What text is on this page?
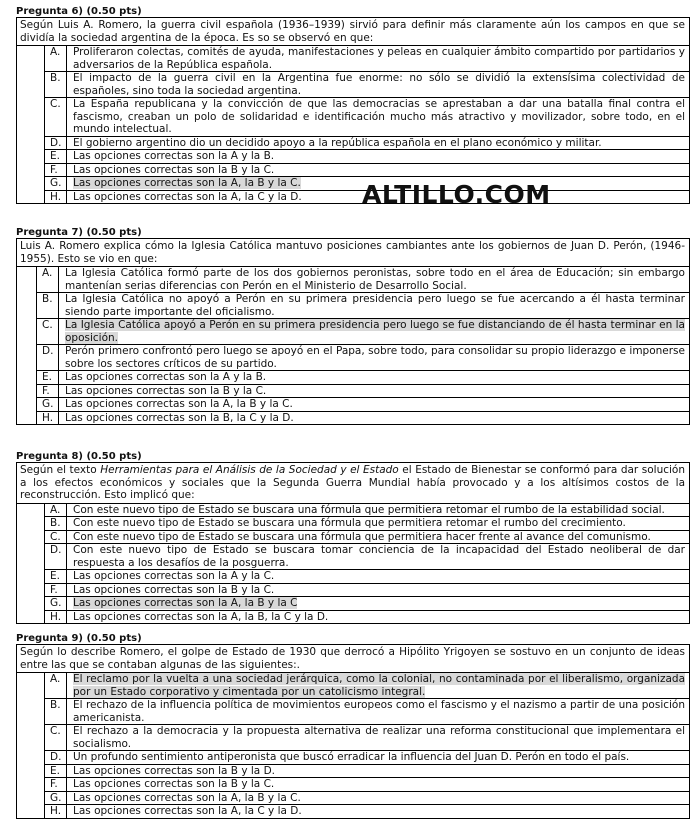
Pregunta 6) (0.50 pts)
Según Luis A. Romero, la guerra civil española (1936–1939) sirvió para definir más claramente aún los campos en que se dividía la sociedad argentina de la época. Es so se observó en que:
A.	Proliferaron colectas, comités de ayuda, manifestaciones y peleas en cualquier ámbito compartido por partidarios y adversarios de la República española.
B.	El impacto de la guerra civil en la Argentina fue enorme: no sólo se dividió la extensísima colectividad de españoles, sino toda la sociedad argentina.
C.	La España republicana y la convicción de que las democracias se aprestaban a dar una batalla final contra el fascismo, creaban un polo de solidaridad e identificación mucho más atractivo y movilizador, sobre todo, en el mundo intelectual.
D.	El gobierno argentino dio un decidido apoyo a la república española en el plano económico y militar.
E.	Las opciones correctas son la A y la B.
F.	Las opciones correctas son la B y la C.
G.	Las opciones correctas son la A, la B y la C.
H.	Las opciones correctas son la A, la C y la D.	ALTILLO.COM
Pregunta 7) (0.50 pts)
Luis A. Romero explica cómo la Iglesia Católica mantuvo posiciones cambiantes ante los gobiernos de Juan D. Perón, (1946- 1955). Esto se vio en que:
A.	La Iglesia Católica formó parte de los dos gobiernos peronistas, sobre todo en el área de Educación; sin embargo mantenían serias diferencias con Perón en el Ministerio de Desarrollo Social.
B.	La Iglesia Católica no apoyó a Perón en su primera presidencia pero luego se fue acercando a él hasta terminar siendo parte importante del oficialismo.
C.	La Iglesia Católica apoyó a Perón en su primera presidencia pero luego se fue distanciando de él hasta terminar en la oposición.
D.	Perón primero confrontó pero luego se apoyó en el Papa, sobre todo, para consolidar su propio liderazgo e imponerse sobre los sectores críticos de su partido.
E.	Las opciones correctas son la A y la B.
F.	Las opciones correctas son la B y la C.
G.	Las opciones correctas son la A, la B y la C.
H.	Las opciones correctas son la B, la C y la D.
Pregunta 8) (0.50 pts)
Según el texto Herramientas para el Análisis de la Sociedad y el Estado el Estado de Bienestar se conformó para dar solución a los efectos económicos y sociales que la Segunda Guerra Mundial había provocado y a los altísimos costos de la reconstrucción. Esto implicó que:
A.	Con este nuevo tipo de Estado se buscara una fórmula que permitiera retomar el rumbo de la estabilidad social.
B.	Con este nuevo tipo de Estado se buscara una fórmula que permitiera retomar el rumbo del crecimiento.
C.	Con este nuevo tipo de Estado se buscara una fórmula que permitiera hacer frente al avance del comunismo.
D.	Con este nuevo tipo de Estado se buscara tomar conciencia de la incapacidad del Estado neoliberal de dar respuesta a los desafíos de la posguerra.
E.	Las opciones correctas son la A y la C.
F.	Las opciones correctas son la B y la C.
G.	Las opciones correctas son la A, la B y la C
H.	Las opciones correctas son la A, la B, la C y la D.
Pregunta 9) (0.50 pts)
Según lo describe Romero, el golpe de Estado de 1930 que derrocó a Hipólito Yrigoyen se sostuvo en un conjunto de ideas entre las que se contaban algunas de las siguientes:.
A.	El reclamo por la vuelta a una sociedad jerárquica, como la colonial, no contaminada por el liberalismo, organizada por un Estado corporativo y cimentada por un catolicismo integral.
B.	El rechazo de la influencia política de movimientos europeos como el fascismo y el nazismo a partir de una posición americanista.
C.	El rechazo a la democracia y la propuesta alternativa de realizar una reforma constitucional que implementara el socialismo.
D.	Un profundo sentimiento antiperonista que buscó erradicar la influencia del Juan D. Perón en todo el país.
E.	Las opciones correctas son la B y la D.
F.	Las opciones correctas son la B y la C.
G.	Las opciones correctas son la A, la B y la C.
H.	Las opciones correctas son la A, la C y la D.
